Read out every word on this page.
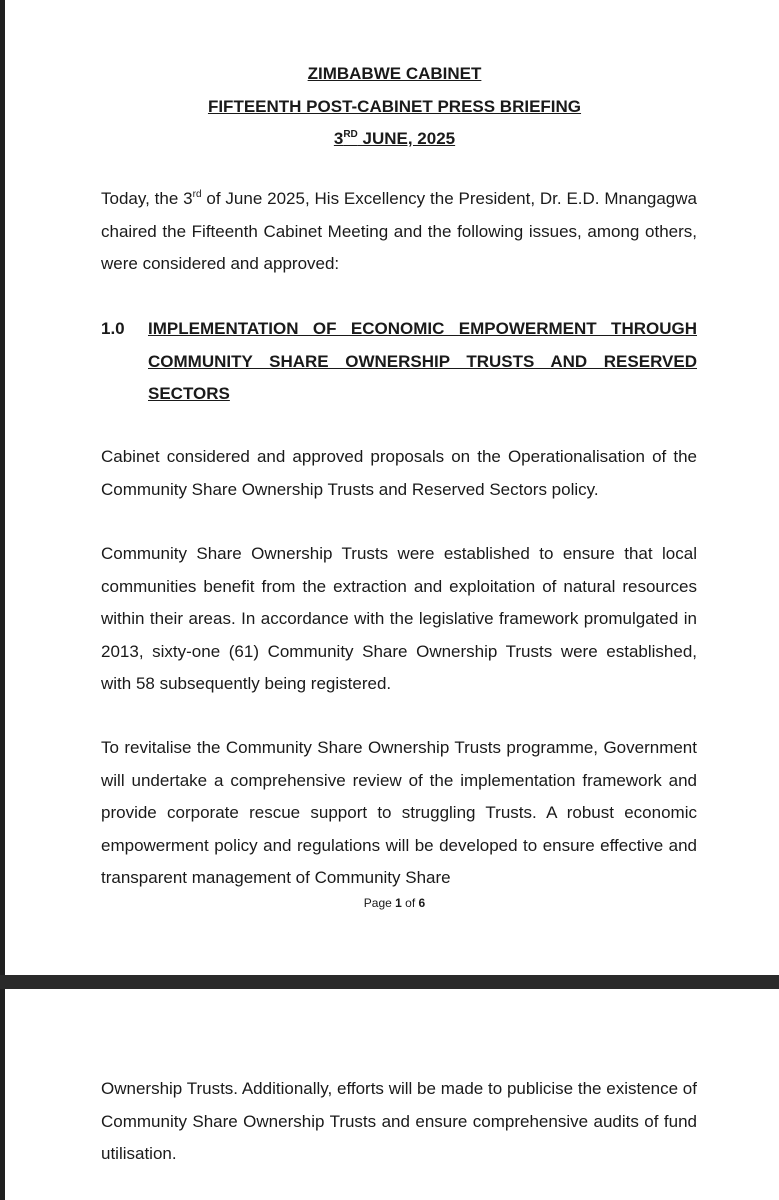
ZIMBABWE CABINET
FIFTEENTH POST-CABINET PRESS BRIEFING
3RD JUNE, 2025

Today, the 3rd of June 2025, His Excellency the President, Dr. E.D. Mnangagwa chaired the Fifteenth Cabinet Meeting and the following issues, among others, were considered and approved:

1.0	IMPLEMENTATION OF ECONOMIC EMPOWERMENT THROUGH COMMUNITY SHARE OWNERSHIP TRUSTS AND RESERVED SECTORS

Cabinet considered and approved proposals on the Operationalisation of the Community Share Ownership Trusts and Reserved Sectors policy.

Community Share Ownership Trusts were established to ensure that local communities benefit from the extraction and exploitation of natural resources within their areas. In accordance with the legislative framework promulgated in 2013, sixty-one (61) Community Share Ownership Trusts were established, with 58 subsequently being registered.

To revitalise the Community Share Ownership Trusts programme, Government will undertake a comprehensive review of the implementation framework and provide corporate rescue support to struggling Trusts. A robust economic empowerment policy and regulations will be developed to ensure effective and transparent management of Community Share

Page 1 of 6

Ownership Trusts. Additionally, efforts will be made to publicise the existence of Community Share Ownership Trusts and ensure comprehensive audits of fund utilisation.
